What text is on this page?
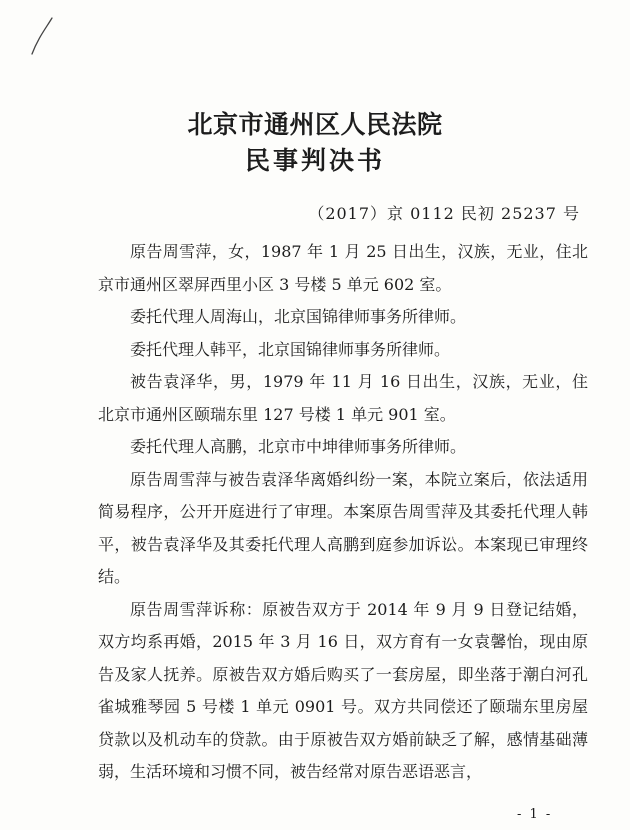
北京市通州区人民法院
民事判决书
（2017）京 0112 民初 25237 号

原告周雪萍，女，1987 年 1 月 25 日出生，汉族，无业，住北京市通州区翠屏西里小区 3 号楼 5 单元 602 室。

委托代理人周海山，北京国锦律师事务所律师。

委托代理人韩平，北京国锦律师事务所律师。

被告袁泽华，男，1979 年 11 月 16 日出生，汉族，无业，住北京市通州区颐瑞东里 127 号楼 1 单元 901 室。

委托代理人高鹏，北京市中坤律师事务所律师。

原告周雪萍与被告袁泽华离婚纠纷一案，本院立案后，依法适用简易程序，公开开庭进行了审理。本案原告周雪萍及其委托代理人韩平，被告袁泽华及其委托代理人高鹏到庭参加诉讼。本案现已审理终结。

原告周雪萍诉称：原被告双方于 2014 年 9 月 9 日登记结婚，双方均系再婚，2015 年 3 月 16 日，双方育有一女袁馨怡，现由原告及家人抚养。原被告双方婚后购买了一套房屋，即坐落于潮白河孔雀城雅琴园 5 号楼 1 单元 0901 号。双方共同偿还了颐瑞东里房屋贷款以及机动车的贷款。由于原被告双方婚前缺乏了解，感情基础薄弱，生活环境和习惯不同，被告经常对原告恶语恶言，

- 1 -
